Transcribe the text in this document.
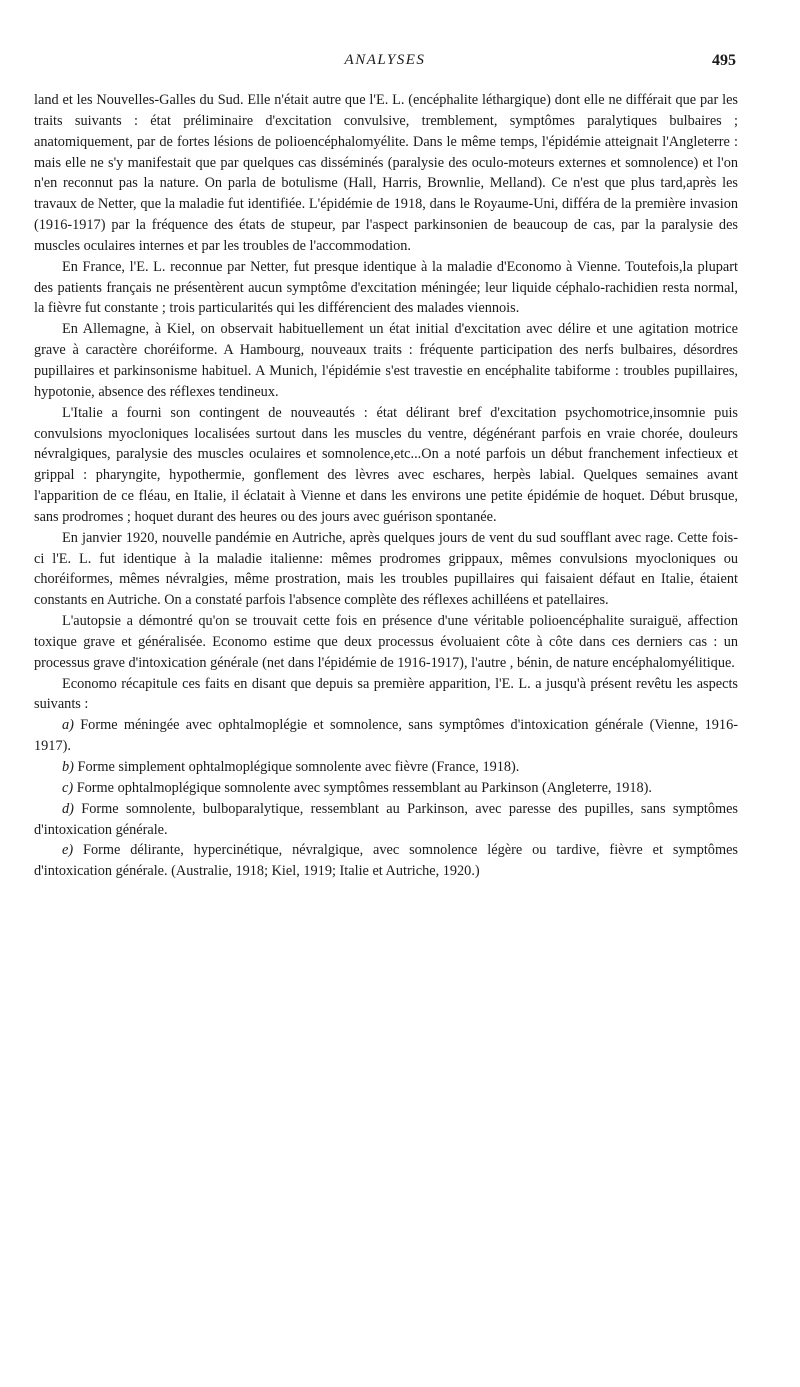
ANALYSES	495

land et les Nouvelles-Galles du Sud. Elle n'était autre que l'E. L. (encéphalite léthargique) dont elle ne différait que par les traits suivants : état préliminaire d'excitation convulsive, tremblement, symptômes paralytiques bulbaires ; anatomiquement, par de fortes lésions de polioencéphalomyélite. Dans le même temps, l'épidémie atteignait l'Angleterre : mais elle ne s'y manifestait que par quelques cas disséminés (paralysie des oculo-moteurs externes et somnolence) et l'on n'en reconnut pas la nature. On parla de botulisme (Hall, Harris, Brownlie, Melland). Ce n'est que plus tard,après les travaux de Netter, que la maladie fut identifiée. L'épidémie de 1918, dans le Royaume-Uni, différa de la première invasion (1916-1917) par la fréquence des états de stupeur, par l'aspect parkinsonien de beaucoup de cas, par la paralysie des muscles oculaires internes et par les troubles de l'accommodation.

En France, l'E. L. reconnue par Netter, fut presque identique à la maladie d'Economo à Vienne. Toutefois,la plupart des patients français ne présentèrent aucun symptôme d'excitation méningée; leur liquide céphalo-rachidien resta normal, la fièvre fut constante ; trois particularités qui les différencient des malades viennois.

En Allemagne, à Kiel, on observait habituellement un état initial d'excitation avec délire et une agitation motrice grave à caractère choréiforme. A Hambourg, nouveaux traits : fréquente participation des nerfs bulbaires, désordres pupillaires et parkinsonisme habituel. A Munich, l'épidémie s'est travestie en encéphalite tabiforme : troubles pupillaires, hypotonie, absence des réflexes tendineux.

L'Italie a fourni son contingent de nouveautés : état délirant bref d'excitation psychomotrice,insomnie puis convulsions myocloniques localisées surtout dans les muscles du ventre, dégénérant parfois en vraie chorée, douleurs névralgiques, paralysie des muscles oculaires et somnolence,etc...On a noté parfois un début franchement infectieux et grippal : pharyngite, hypothermie, gonflement des lèvres avec eschares, herpès labial. Quelques semaines avant l'apparition de ce fléau, en Italie, il éclatait à Vienne et dans les environs une petite épidémie de hoquet. Début brusque, sans prodromes ; hoquet durant des heures ou des jours avec guérison spontanée.

En janvier 1920, nouvelle pandémie en Autriche, après quelques jours de vent du sud soufflant avec rage. Cette fois-ci l'E. L. fut identique à la maladie italienne: mêmes prodromes grippaux, mêmes convulsions myocloniques ou choréiformes, mêmes névralgies, même prostration, mais les troubles pupillaires qui faisaient défaut en Italie, étaient constants en Autriche. On a constaté parfois l'absence complète des réflexes achilléens et patellaires.

L'autopsie a démontré qu'on se trouvait cette fois en présence d'une véritable polioencéphalite suraiguë, affection toxique grave et généralisée. Economo estime que deux processus évoluaient côte à côte dans ces derniers cas : un processus grave d'intoxication générale (net dans l'épidémie de 1916-1917), l'autre , bénin, de nature encéphalomyélitique.

Economo récapitule ces faits en disant que depuis sa première apparition, l'E. L. a jusqu'à présent revêtu les aspects suivants :

a) Forme méningée avec ophtalmoplégie et somnolence, sans symptômes d'intoxication générale (Vienne, 1916-1917).

b) Forme simplement ophtalmoplégique somnolente avec fièvre (France, 1918).

c) Forme ophtalmoplégique somnolente avec symptômes ressemblant au Parkinson (Angleterre, 1918).

d) Forme somnolente, bulboparalytique, ressemblant au Parkinson, avec paresse des pupilles, sans symptômes d'intoxication générale.

e) Forme délirante, hypercinétique, névralgique, avec somnolence légère ou tardive, fièvre et symptômes d'intoxication générale. (Australie, 1918; Kiel, 1919; Italie et Autriche, 1920.)
